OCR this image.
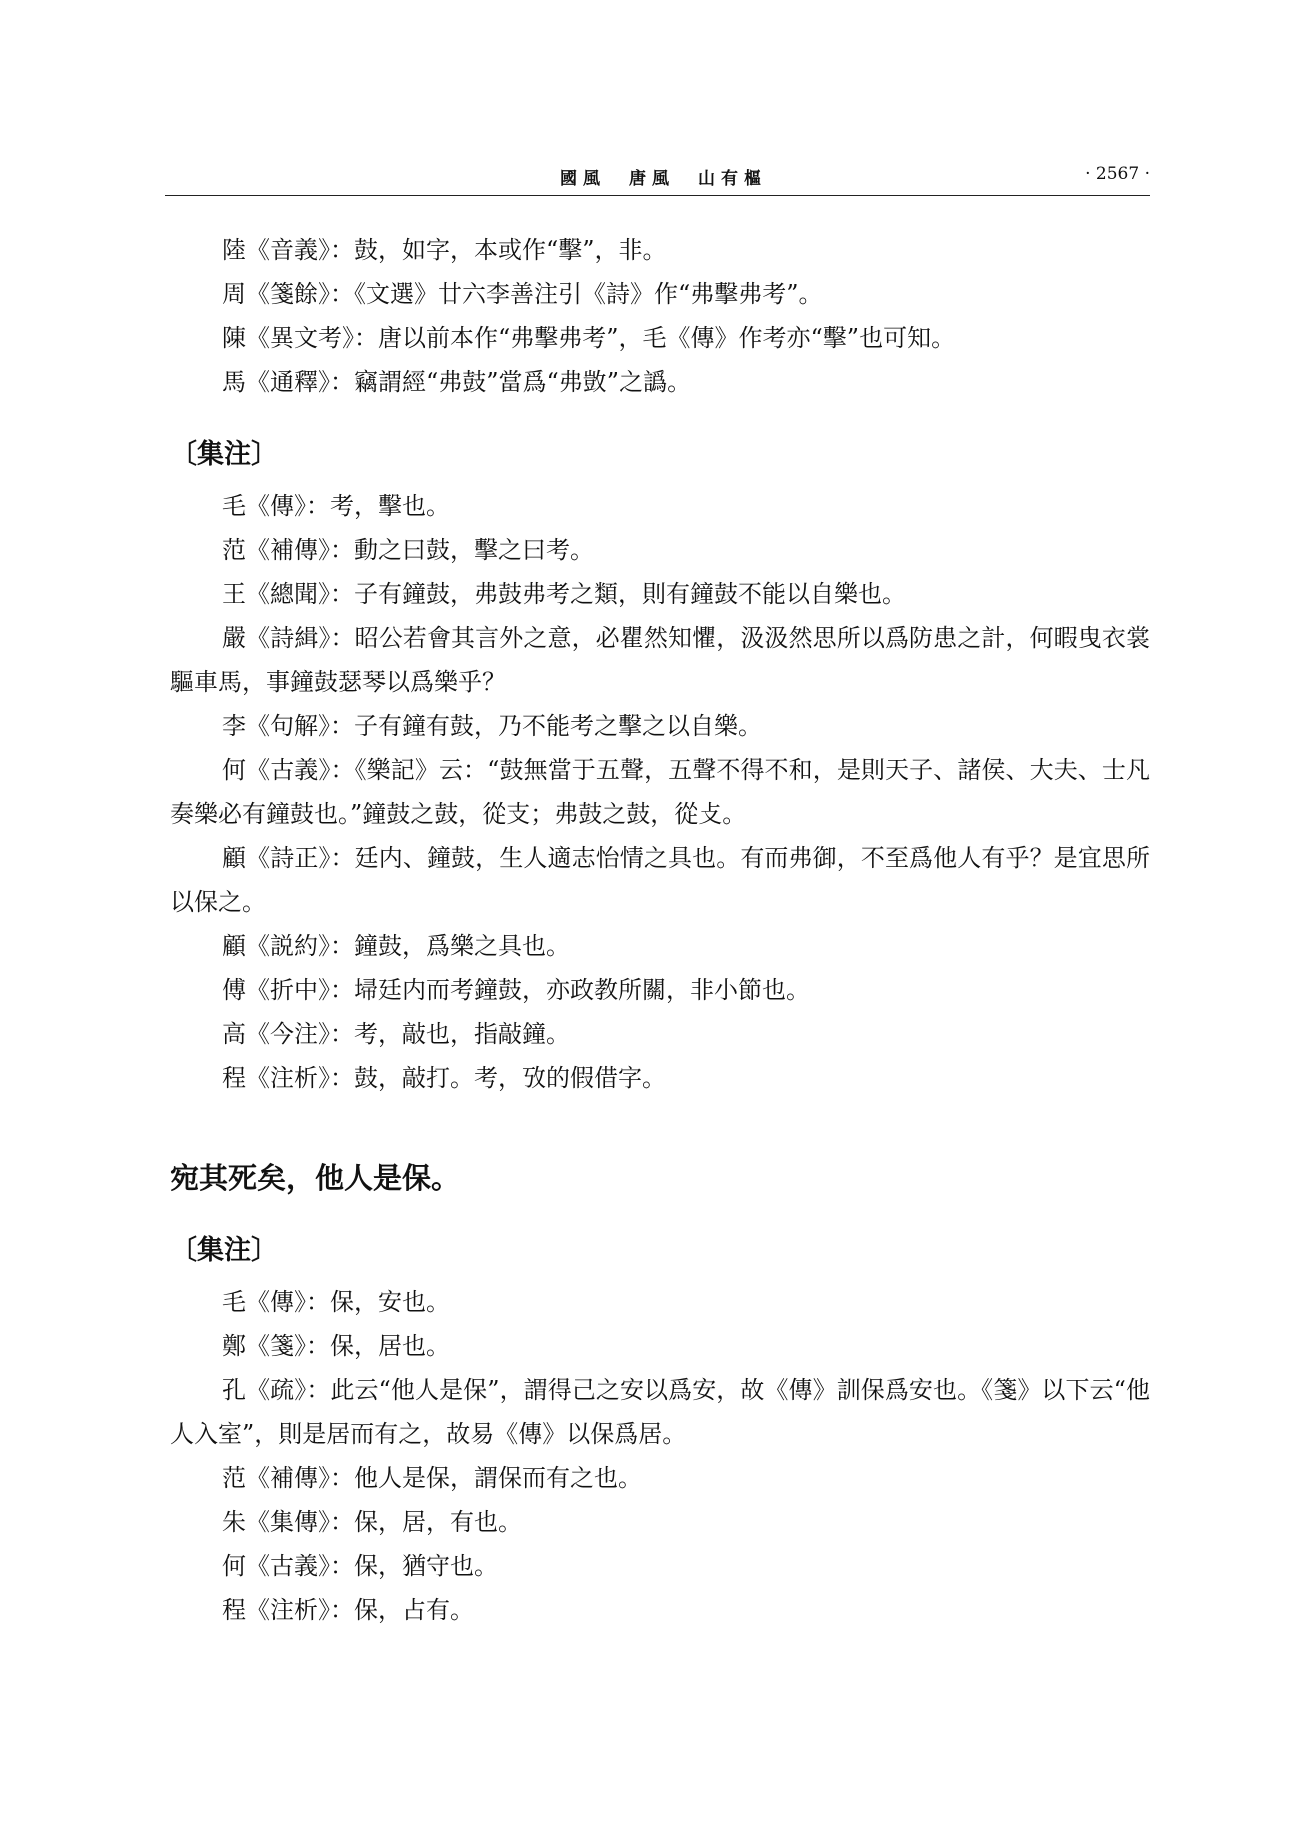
國風　唐風　山有樞	· 2567 ·
陸《音義》：鼓，如字，本或作“擊”，非。
周《箋餘》：《文選》廿六李善注引《詩》作“弗擊弗考”。
陳《異文考》：唐以前本作“弗擊弗考”，毛《傳》作考亦“擊”也可知。
馬《通釋》：竊謂經“弗鼓”當爲“弗敳”之譌。
〔集注〕
毛《傳》：考，擊也。
范《補傳》：動之曰鼓，擊之曰考。
王《總聞》：子有鐘鼓，弗鼓弗考之類，則有鐘鼓不能以自樂也。
嚴《詩緝》：昭公若會其言外之意，必瞿然知懼，汲汲然思所以爲防患之計，何暇曳衣裳驅車馬，事鐘鼓瑟琴以爲樂乎？
李《句解》：子有鐘有鼓，乃不能考之擊之以自樂。
何《古義》：《樂記》云：“鼓無當于五聲，五聲不得不和，是則天子、諸侯、大夫、士凡奏樂必有鐘鼓也。”鐘鼓之鼓，從支；弗鼓之鼓，從攴。
顧《詩正》：廷内、鐘鼓，生人適志怡情之具也。有而弗御，不至爲他人有乎？是宜思所以保之。
顧《説約》：鐘鼓，爲樂之具也。
傅《折中》：埽廷内而考鐘鼓，亦政教所關，非小節也。
高《今注》：考，敲也，指敲鐘。
程《注析》：鼓，敲打。考，攷的假借字。
宛其死矣，他人是保。
〔集注〕
毛《傳》：保，安也。
鄭《箋》：保，居也。
孔《疏》：此云“他人是保”，謂得己之安以爲安，故《傳》訓保爲安也。《箋》以下云“他人入室”，則是居而有之，故易《傳》以保爲居。
范《補傳》：他人是保，謂保而有之也。
朱《集傳》：保，居，有也。
何《古義》：保，猶守也。
程《注析》：保，占有。
